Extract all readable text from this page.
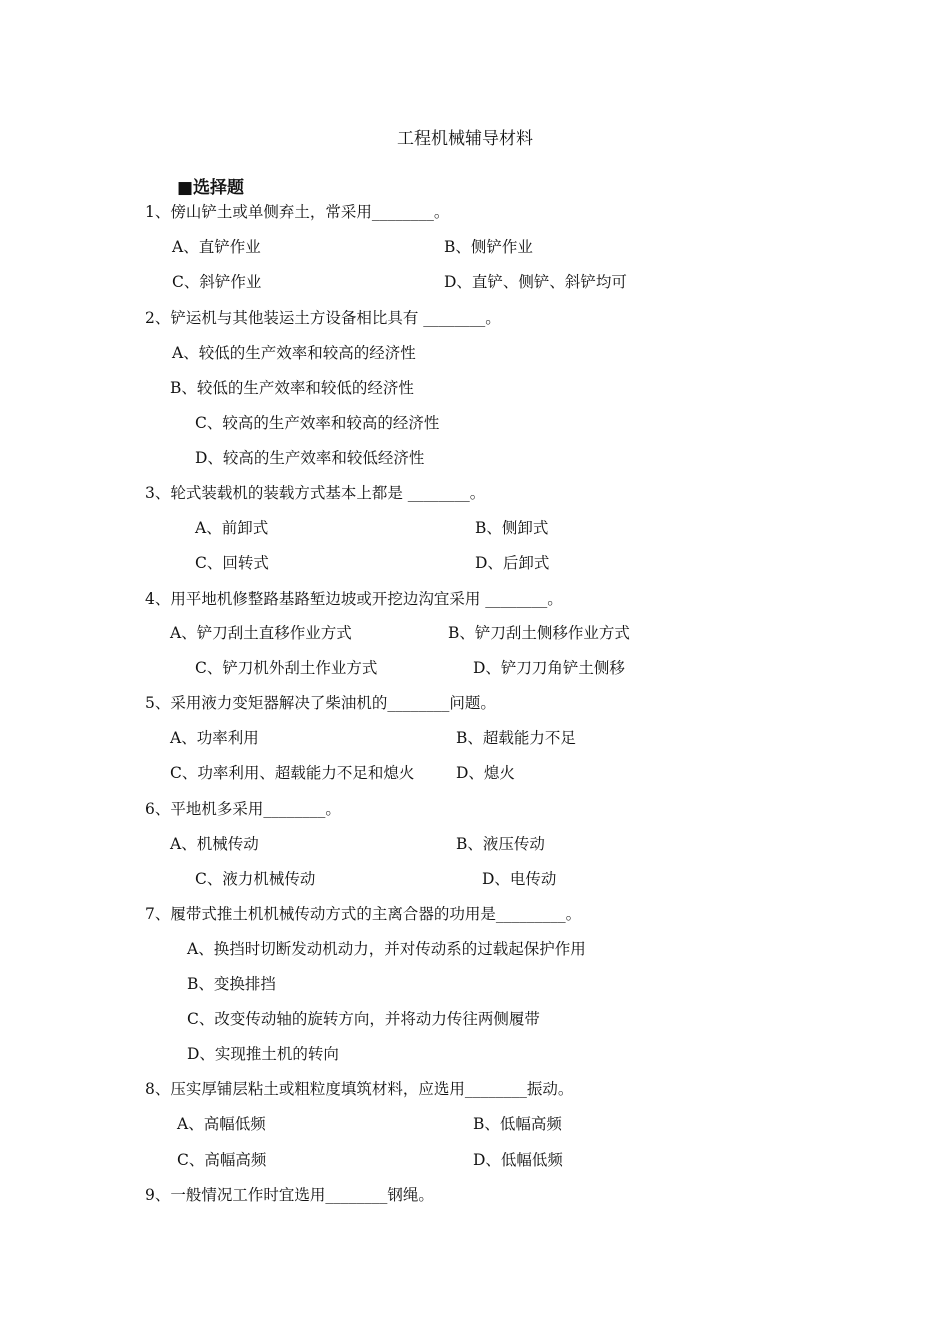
工程机械辅导材料
■选择题
1、傍山铲土或单侧弃土，常采用________。
A、直铲作业	B、侧铲作业
C、斜铲作业	D、直铲、侧铲、斜铲均可
2、铲运机与其他装运土方设备相比具有 ________。
A、较低的生产效率和较高的经济性
B、较低的生产效率和较低的经济性
C、较高的生产效率和较高的经济性
D、较高的生产效率和较低经济性
3、轮式装载机的装载方式基本上都是 ________。
A、前卸式	B、侧卸式
C、回转式	D、后卸式
4、用平地机修整路基路堑边坡或开挖边沟宜采用 ________。
A、铲刀刮土直移作业方式	B、铲刀刮土侧移作业方式
C、铲刀机外刮土作业方式	D、铲刀刀角铲土侧移
5、采用液力变矩器解决了柴油机的________问题。
A、功率利用	B、超载能力不足
C、功率利用、超载能力不足和熄火	D、熄火
6、平地机多采用________。
A、机械传动	B、液压传动
C、液力机械传动	D、电传动
7、履带式推土机机械传动方式的主离合器的功用是_________。
A、换挡时切断发动机动力，并对传动系的过载起保护作用
B、变换排挡
C、改变传动轴的旋转方向，并将动力传往两侧履带
D、实现推土机的转向
8、压实厚铺层粘土或粗粒度填筑材料，应选用________振动。
A、高幅低频	B、低幅高频
C、高幅高频	D、低幅低频
9、一般情况工作时宜选用________钢绳。
